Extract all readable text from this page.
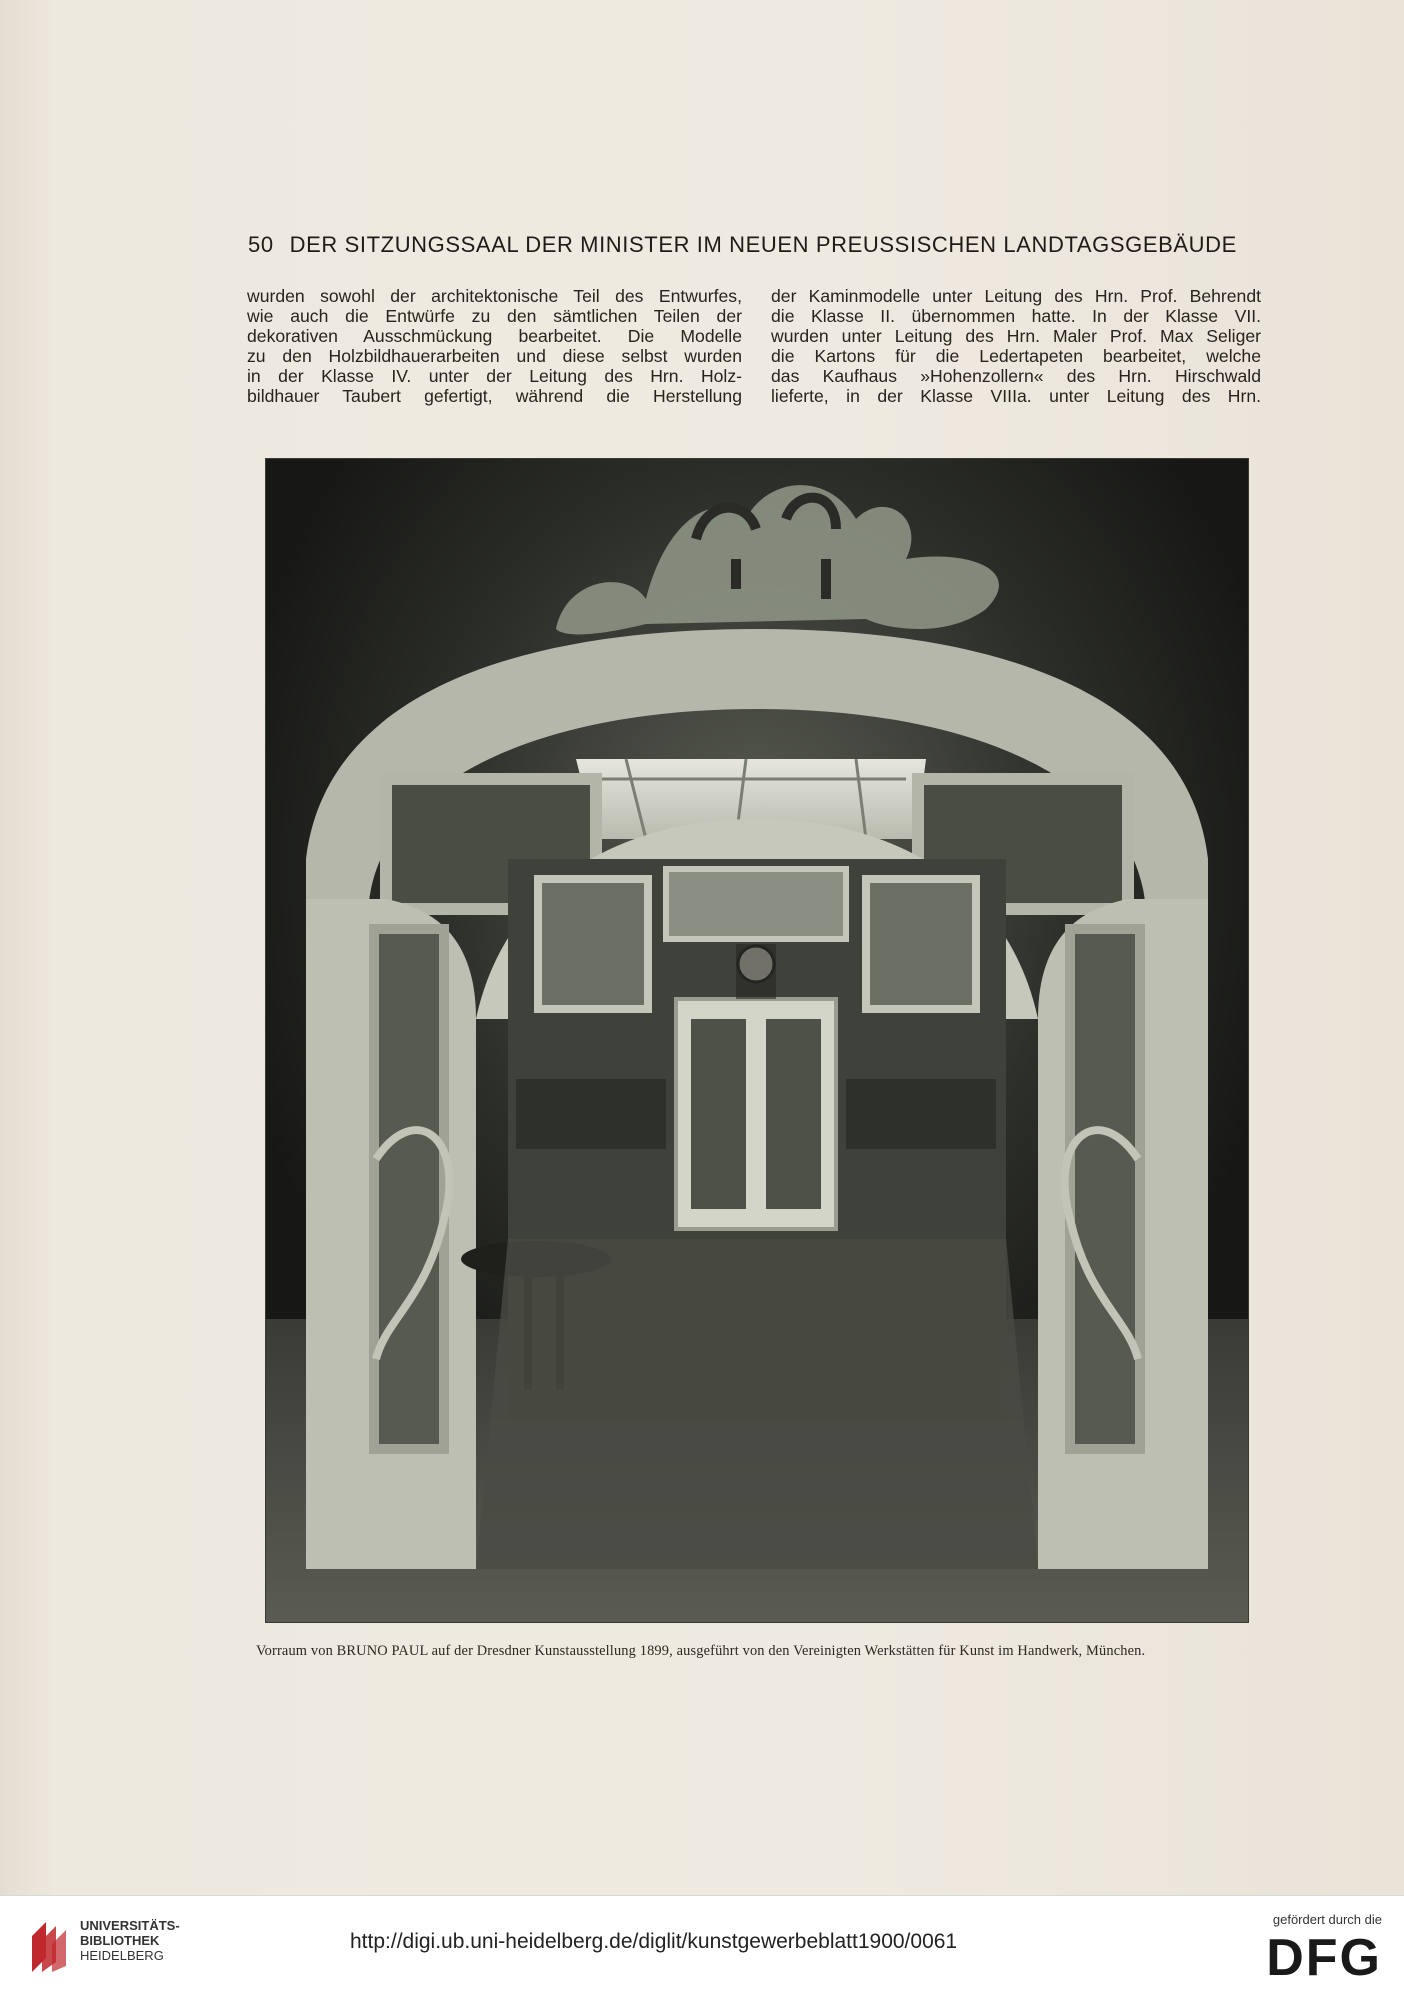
50 DER SITZUNGSSAAL DER MINISTER IM NEUEN PREUSSISCHEN LANDTAGSGEBÄUDE
wurden sowohl der architektonische Teil des Entwurfes,
wie auch die Entwürfe zu den sämtlichen Teilen der
dekorativen Ausschmückung bearbeitet. Die Modelle
zu den Holzbildhauerarbeiten und diese selbst wurden
in der Klasse IV. unter der Leitung des Hrn. Holz-
bildhauer Taubert gefertigt, während die Herstellung
der Kaminmodelle unter Leitung des Hrn. Prof. Behrendt
die Klasse II. übernommen hatte. In der Klasse VII.
wurden unter Leitung des Hrn. Maler Prof. Max Seliger
die Kartons für die Ledertapeten bearbeitet, welche
das Kaufhaus »Hohenzollern« des Hrn. Hirschwald
lieferte, in der Klasse VIIIa. unter Leitung des Hrn.
Vorraum von BRUNO PAUL auf der Dresdner Kunstausstellung 1899, ausgeführt von den Vereinigten Werkstätten für Kunst im Handwerk, München.
UNIVERSITÄTS-
BIBLIOTHEK
HEIDELBERG
http://digi.ub.uni-heidelberg.de/diglit/kunstgewerbeblatt1900/0061
gefördert durch die
DFG
